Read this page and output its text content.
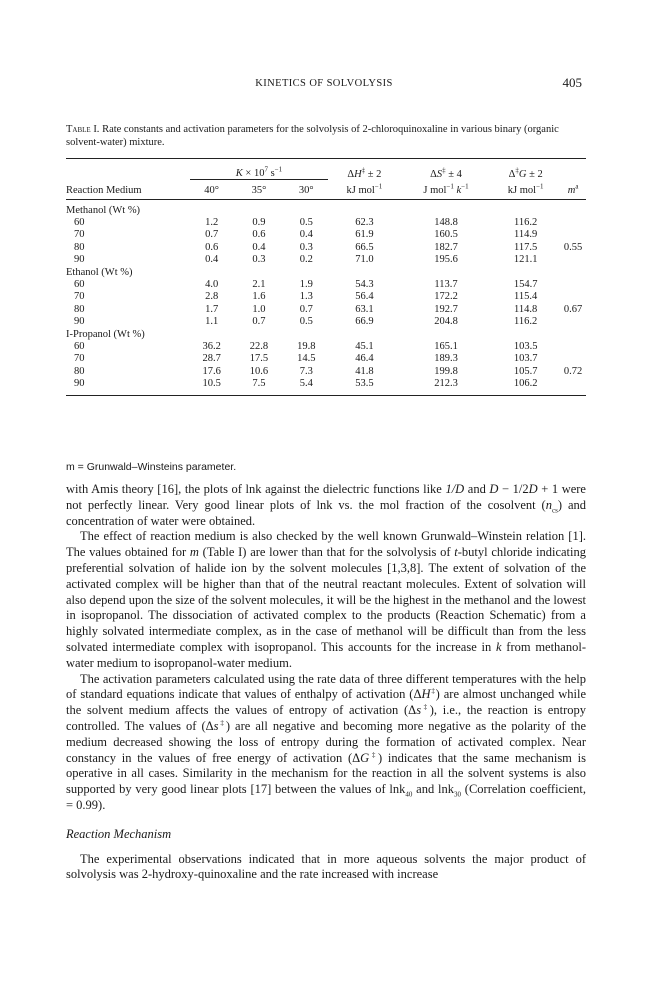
KINETICS OF SOLVOLYSIS	405
Table I. Rate constants and activation parameters for the solvolysis of 2-chloroquinoxaline in various binary (organic solvent-water) mixture.
	$K \times 10^7$ $s^{-1}$			ΔH‡ ± 2	ΔS‡ ± 4	Δ‡G ± 2	
Reaction Medium	40°	35°	30°	kJ mol$^{-1}$	J mol$^{-1}$ $k^{-1}$	kJ mol$^{-1}$	$m^a$

Methanol (Wt %)							
60	1.2	0.9	0.5	62.3	148.8	116.2	
70	0.7	0.6	0.4	61.9	160.5	114.9	
80	0.6	0.4	0.3	66.5	182.7	117.5	0.55
90	0.4	0.3	0.2	71.0	195.6	121.1	
Ethanol (Wt %)							
60	4.0	2.1	1.9	54.3	113.7	154.7	
70	2.8	1.6	1.3	56.4	172.2	115.4	
80	1.7	1.0	0.7	63.1	192.7	114.8	0.67
90	1.1	0.7	0.5	66.9	204.8	116.2	
I-Propanol (Wt %)							
60	36.2	22.8	19.8	45.1	165.1	103.5	
70	28.7	17.5	14.5	46.4	189.3	103.7	
80	17.6	10.6	7.3	41.8	199.8	105.7	0.72
90	10.5	7.5	5.4	53.5	212.3	106.2	
m = Grunwald–Winsteins parameter.

with Amis theory [16], the plots of lnk against the dielectric functions like 1/D and D − 1/2D + 1 were not perfectly linear. Very good linear plots of lnk vs. the mol fraction of the cosolvent $(n_{cs})$ and concentration of water were obtained.

The effect of reaction medium is also checked by the well known Grunwald–Winstein relation [1]. The values obtained for m (Table I) are lower than that for the solvolysis of t-butyl chloride indicating preferential solvation of halide ion by the solvent molecules [1,3,8]. The extent of solvation of the activated complex will be higher than that of the neutral reactant molecules. Extent of solvation will also depend upon the size of the solvent molecules, it will be the highest in the methanol and the lowest in isopropanol. The dissociation of activated complex to the products (Reaction Schematic) from a highly solvated intermediate complex, as in the case of methanol will be difficult than from the less solvated intermediate complex with isopropanol. This accounts for the increase in k from methanol-water medium to isopropanol-water medium.

The activation parameters calculated using the rate data of three different temperatures with the help of standard equations indicate that values of enthalpy of activation (ΔH‡) are almost unchanged while the solvent medium affects the values of entropy of activation (Δs‡), i.e., the reaction is entropy controlled. The values of (Δs‡) are all negative and becoming more negative as the polarity of the medium decreased showing the loss of entropy during the formation of activated complex. Near constancy in the values of free energy of activation (ΔG‡) indicates that the same mechanism is operative in all cases. Similarity in the mechanism for the reaction in all the solvent systems is also supported by very good linear plots [17] between the values of lnk$_{40}$ and lnk$_{30}$ (Correlation coefficient, = 0.99).

Reaction Mechanism

The experimental observations indicated that in more aqueous solvents the major product of solvolysis was 2-hydroxy-quinoxaline and the rate increased with increase
